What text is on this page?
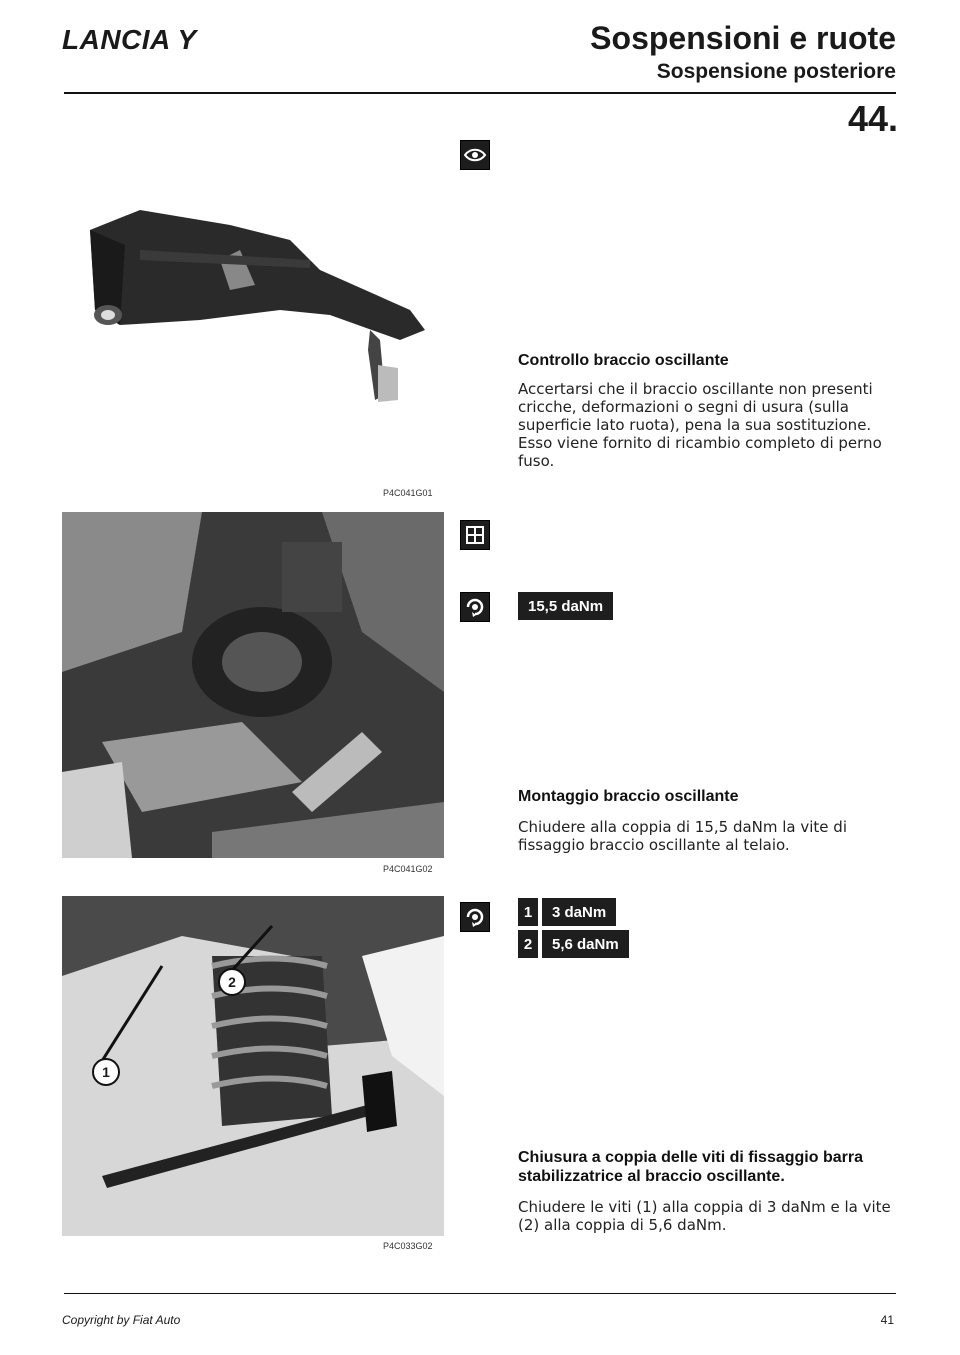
LANCIA Y	Sospensioni e ruote
Sospensione posteriore
44.
P4C041G01
P4C041G02
1
2
P4C033G02
Controllo braccio oscillante
Accertarsi che il braccio oscillante non presenti cricche, deformazioni o segni di usura (sulla superficie lato ruota), pena la sua sostituzione. Esso viene fornito di ricambio completo di perno fuso.
15,5 daNm
Montaggio braccio oscillante
Chiudere alla coppia di 15,5 daNm la vite di fissaggio braccio oscillante al telaio.
1	3 daNm
2	5,6 daNm
Chiusura a coppia delle viti di fissaggio barra stabilizzatrice al braccio oscillante.
Chiudere le viti (1) alla coppia di 3 daNm e la vite (2) alla coppia di 5,6 daNm.
Copyright by Fiat Auto	41
